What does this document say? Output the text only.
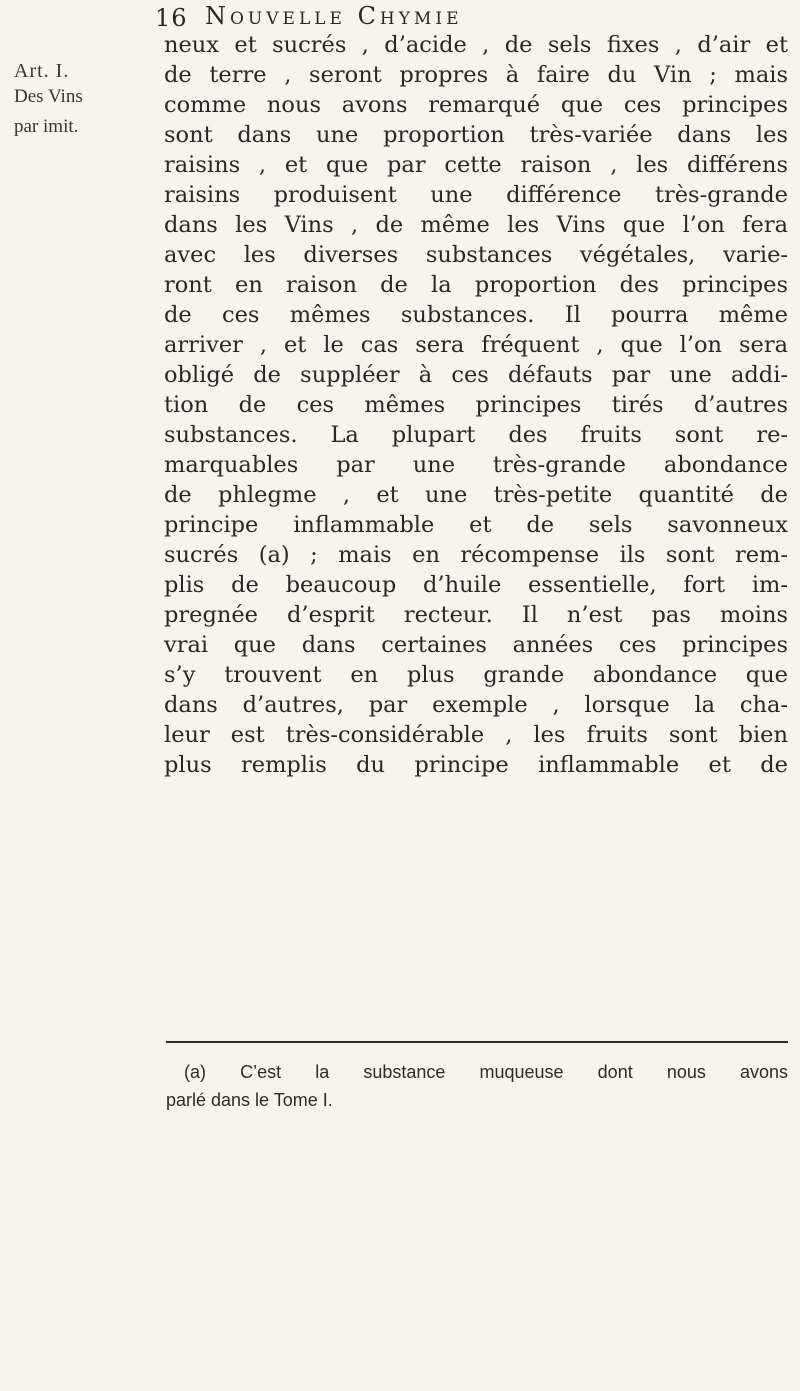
16 Nouvelle Chymie
Art. I.
Des Vins
par imit.
neux et sucrés , d’acide , de sels fixes , d’air et
de terre , seront propres à faire du Vin ; mais
comme nous avons remarqué que ces principes
sont dans une proportion très-variée dans les
raisins , et que par cette raison , les différens
raisins produisent une différence très-grande
dans les Vins , de même les Vins que l’on fera
avec les diverses substances végétales, varie-
ront en raison de la proportion des principes
de ces mêmes substances. Il pourra même
arriver , et le cas sera fréquent , que l’on sera
obligé de suppléer à ces défauts par une addi-
tion de ces mêmes principes tirés d’autres
substances. La plupart des fruits sont re-
marquables par une très-grande abondance
de phlegme , et une très-petite quantité de
principe inflammable et de sels savonneux
sucrés (a) ; mais en récompense ils sont rem-
plis de beaucoup d’huile essentielle, fort im-
pregnée d’esprit recteur. Il n’est pas moins
vrai que dans certaines années ces principes
s’y trouvent en plus grande abondance que
dans d’autres, par exemple , lorsque la cha-
leur est très-considérable , les fruits sont bien
plus remplis du principe inflammable et de
(a) C’est la substance muqueuse dont nous avons
parlé dans le Tome I.
